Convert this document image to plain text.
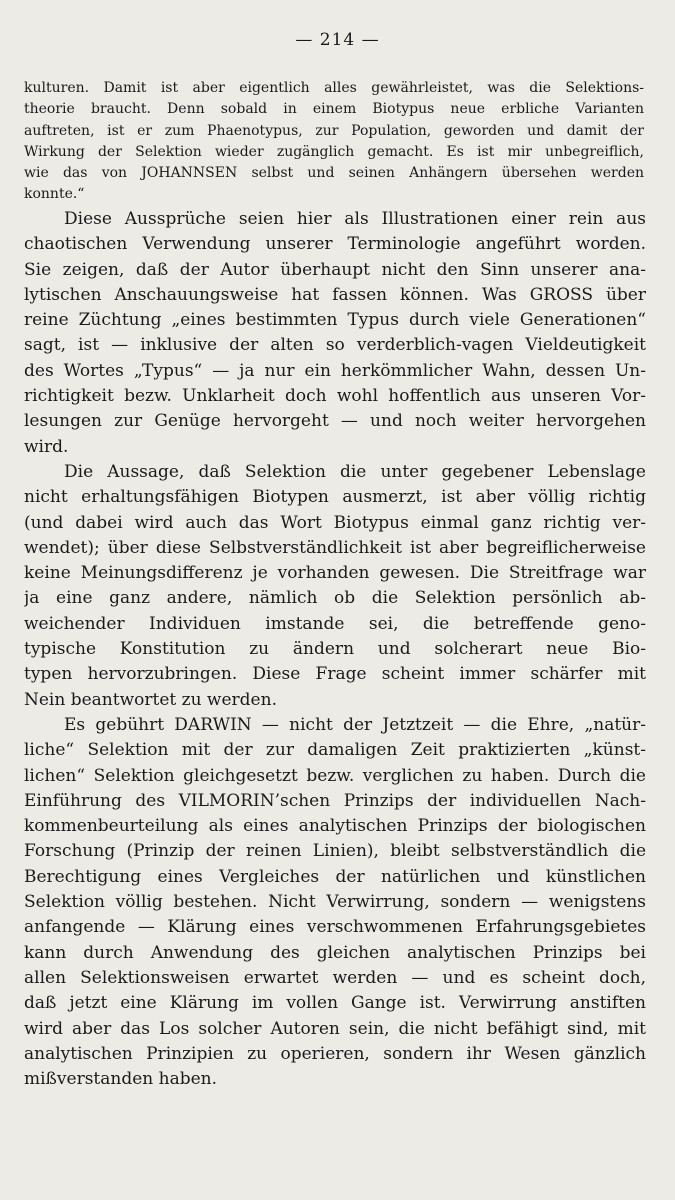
— 214 —
kulturen. Damit ist aber eigentlich alles gewährleistet, was die Selektions-
theorie braucht. Denn sobald in einem Biotypus neue erbliche Varianten
auftreten, ist er zum Phaenotypus, zur Population, geworden und damit der
Wirkung der Selektion wieder zugänglich gemacht. Es ist mir unbegreiflich,
wie das von JOHANNSEN selbst und seinen Anhängern übersehen werden
konnte.“
Diese Aussprüche seien hier als Illustrationen einer rein aus
chaotischen Verwendung unserer Terminologie angeführt worden.
Sie zeigen, daß der Autor überhaupt nicht den Sinn unserer ana-
lytischen Anschauungsweise hat fassen können. Was GROSS über
reine Züchtung „eines bestimmten Typus durch viele Generationen“
sagt, ist — inklusive der alten so verderblich-vagen Vieldeutigkeit
des Wortes „Typus“ — ja nur ein herkömmlicher Wahn, dessen Un-
richtigkeit bezw. Unklarheit doch wohl hoffentlich aus unseren Vor-
lesungen zur Genüge hervorgeht — und noch weiter hervorgehen
wird.
Die Aussage, daß Selektion die unter gegebener Lebenslage
nicht erhaltungsfähigen Biotypen ausmerzt, ist aber völlig richtig
(und dabei wird auch das Wort Biotypus einmal ganz richtig ver-
wendet); über diese Selbstverständlichkeit ist aber begreiflicherweise
keine Meinungsdifferenz je vorhanden gewesen. Die Streitfrage war
ja eine ganz andere, nämlich ob die Selektion persönlich ab-
weichender Individuen imstande sei, die betreffende geno-
typische Konstitution zu ändern und solcherart neue Bio-
typen hervorzubringen. Diese Frage scheint immer schärfer mit
Nein beantwortet zu werden.
Es gebührt DARWIN — nicht der Jetztzeit — die Ehre, „natür-
liche“ Selektion mit der zur damaligen Zeit praktizierten „künst-
lichen“ Selektion gleichgesetzt bezw. verglichen zu haben. Durch die
Einführung des VILMORIN’schen Prinzips der individuellen Nach-
kommenbeurteilung als eines analytischen Prinzips der biologischen
Forschung (Prinzip der reinen Linien), bleibt selbstverständlich die
Berechtigung eines Vergleiches der natürlichen und künstlichen
Selektion völlig bestehen. Nicht Verwirrung, sondern — wenigstens
anfangende — Klärung eines verschwommenen Erfahrungsgebietes
kann durch Anwendung des gleichen analytischen Prinzips bei
allen Selektionsweisen erwartet werden — und es scheint doch,
daß jetzt eine Klärung im vollen Gange ist. Verwirrung anstiften
wird aber das Los solcher Autoren sein, die nicht befähigt sind, mit
analytischen Prinzipien zu operieren, sondern ihr Wesen gänzlich
mißverstanden haben.
